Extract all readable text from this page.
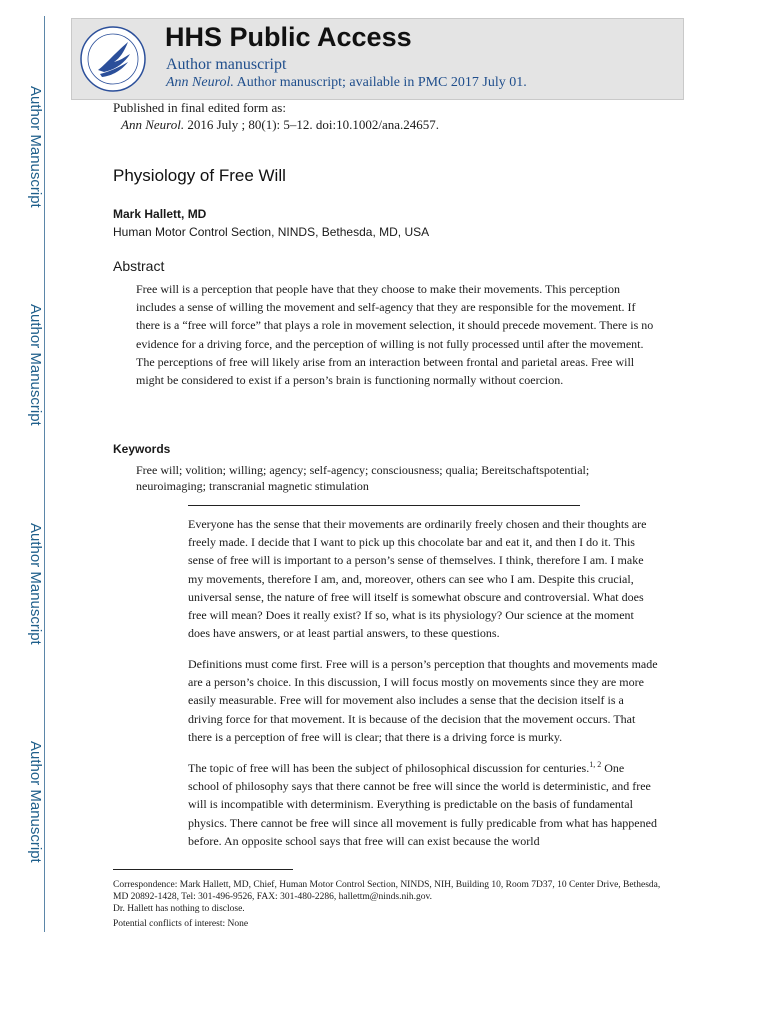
Author Manuscript
Author Manuscript
Author Manuscript
Author Manuscript
HHS Public Access
Author manuscript
Ann Neurol. Author manuscript; available in PMC 2017 July 01.
Published in final edited form as:
Ann Neurol. 2016 July ; 80(1): 5–12. doi:10.1002/ana.24657.
Physiology of Free Will
Mark Hallett, MD
Human Motor Control Section, NINDS, Bethesda, MD, USA
Abstract
Free will is a perception that people have that they choose to make their movements. This perception includes a sense of willing the movement and self-agency that they are responsible for the movement. If there is a “free will force” that plays a role in movement selection, it should precede movement. There is no evidence for a driving force, and the perception of willing is not fully processed until after the movement. The perceptions of free will likely arise from an interaction between frontal and parietal areas. Free will might be considered to exist if a person’s brain is functioning normally without coercion.
Keywords
Free will; volition; willing; agency; self-agency; consciousness; qualia; Bereitschaftspotential; neuroimaging; transcranial magnetic stimulation
Everyone has the sense that their movements are ordinarily freely chosen and their thoughts are freely made. I decide that I want to pick up this chocolate bar and eat it, and then I do it. This sense of free will is important to a person’s sense of themselves. I think, therefore I am. I make my movements, therefore I am, and, moreover, others can see who I am. Despite this crucial, universal sense, the nature of free will itself is somewhat obscure and controversial. What does free will mean? Does it really exist? If so, what is its physiology? Our science at the moment does have answers, or at least partial answers, to these questions.
Definitions must come first. Free will is a person’s perception that thoughts and movements made are a person’s choice. In this discussion, I will focus mostly on movements since they are more easily measurable. Free will for movement also includes a sense that the decision itself is a driving force for that movement. It is because of the decision that the movement occurs. That there is a perception of free will is clear; that there is a driving force is murky.
The topic of free will has been the subject of philosophical discussion for centuries.$^{1, 2}$ One school of philosophy says that there cannot be free will since the world is deterministic, and free will is incompatible with determinism. Everything is predictable on the basis of fundamental physics. There cannot be free will since all movement is fully predicable from what has happened before. An opposite school says that free will can exist because the world
Correspondence: Mark Hallett, MD, Chief, Human Motor Control Section, NINDS, NIH, Building 10, Room 7D37, 10 Center Drive, Bethesda, MD 20892-1428, Tel: 301-496-9526, FAX: 301-480-2286, hallettm@ninds.nih.gov.
Dr. Hallett has nothing to disclose.
Potential conflicts of interest: None
